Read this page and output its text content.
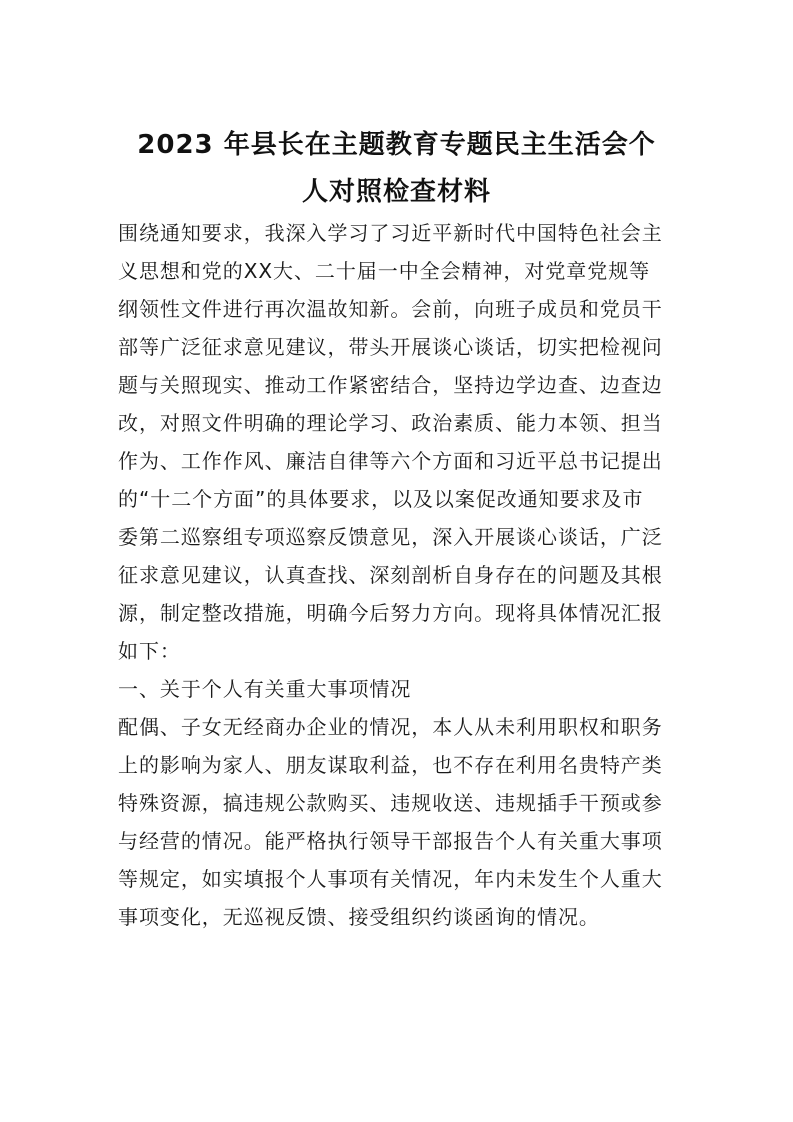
2023 年县长在主题教育专题民主生活会个
人对照检查材料
围绕通知要求，我深入学习了习近平新时代中国特色社会主
义思想和党的XX大、二十届一中全会精神，对党章党规等
纲领性文件进行再次温故知新。会前，向班子成员和党员干
部等广泛征求意见建议，带头开展谈心谈话，切实把检视问
题与关照现实、推动工作紧密结合，坚持边学边查、边查边
改，对照文件明确的理论学习、政治素质、能力本领、担当
作为、工作作风、廉洁自律等六个方面和习近平总书记提出
的“十二个方面”的具体要求，以及以案促改通知要求及市
委第二巡察组专项巡察反馈意见，深入开展谈心谈话，广泛
征求意见建议，认真查找、深刻剖析自身存在的问题及其根
源，制定整改措施，明确今后努力方向。现将具体情况汇报
如下：
一、关于个人有关重大事项情况
配偶、子女无经商办企业的情况，本人从未利用职权和职务
上的影响为家人、朋友谋取利益，也不存在利用名贵特产类
特殊资源，搞违规公款购买、违规收送、违规插手干预或参
与经营的情况。能严格执行领导干部报告个人有关重大事项
等规定，如实填报个人事项有关情况，年内未发生个人重大
事项变化，无巡视反馈、接受组织约谈函询的情况。
